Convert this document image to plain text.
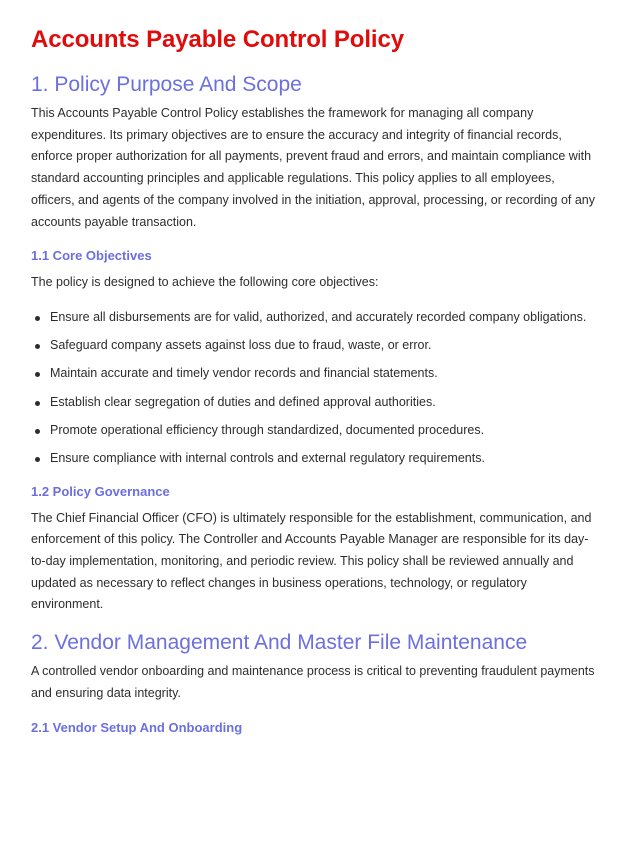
Accounts Payable Control Policy
1. Policy Purpose And Scope

This Accounts Payable Control Policy establishes the framework for managing all company expenditures. Its primary objectives are to ensure the accuracy and integrity of financial records, enforce proper authorization for all payments, prevent fraud and errors, and maintain compliance with standard accounting principles and applicable regulations. This policy applies to all employees, officers, and agents of the company involved in the initiation, approval, processing, or recording of any accounts payable transaction.

1.1 Core Objectives

The policy is designed to achieve the following core objectives:

Ensure all disbursements are for valid, authorized, and accurately recorded company obligations.
Safeguard company assets against loss due to fraud, waste, or error.
Maintain accurate and timely vendor records and financial statements.
Establish clear segregation of duties and defined approval authorities.
Promote operational efficiency through standardized, documented procedures.
Ensure compliance with internal controls and external regulatory requirements.
1.2 Policy Governance

The Chief Financial Officer (CFO) is ultimately responsible for the establishment, communication, and enforcement of this policy. The Controller and Accounts Payable Manager are responsible for its day-to-day implementation, monitoring, and periodic review. This policy shall be reviewed annually and updated as necessary to reflect changes in business operations, technology, or regulatory environment.

2. Vendor Management And Master File Maintenance

A controlled vendor onboarding and maintenance process is critical to preventing fraudulent payments and ensuring data integrity.

2.1 Vendor Setup And Onboarding
